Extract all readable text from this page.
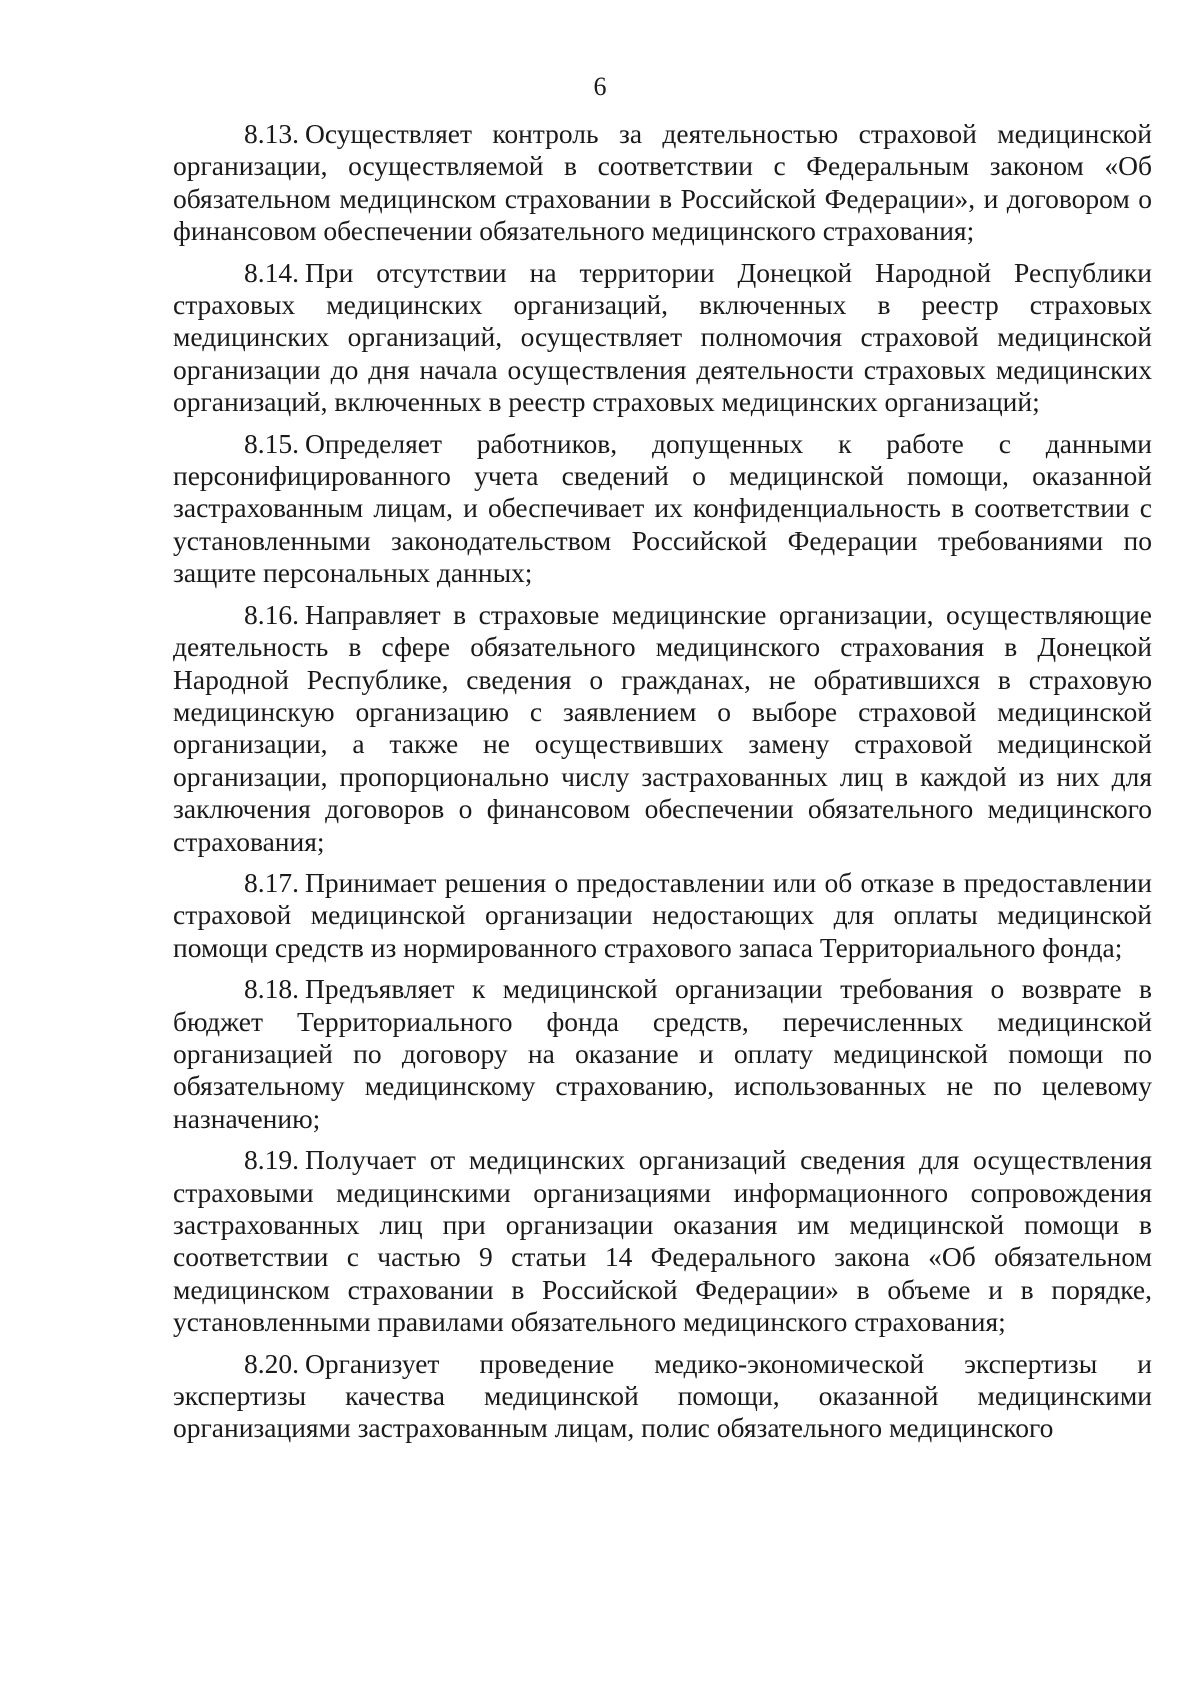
6

8.13. Осуществляет контроль за деятельностью страховой медицинской организации, осуществляемой в соответствии с Федеральным законом «Об обязательном медицинском страховании в Российской Федерации», и договором о финансовом обеспечении обязательного медицинского страхования;

8.14. При отсутствии на территории Донецкой Народной Республики страховых медицинских организаций, включенных в реестр страховых медицинских организаций, осуществляет полномочия страховой медицинской организации до дня начала осуществления деятельности страховых медицинских организаций, включенных в реестр страховых медицинских организаций;

8.15. Определяет работников, допущенных к работе с данными персонифицированного учета сведений о медицинской помощи, оказанной застрахованным лицам, и обеспечивает их конфиденциальность в соответствии с установленными законодательством Российской Федерации требованиями по защите персональных данных;

8.16. Направляет в страховые медицинские организации, осуществляющие деятельность в сфере обязательного медицинского страхования в Донецкой Народной Республике, сведения о гражданах, не обратившихся в страховую медицинскую организацию с заявлением о выборе страховой медицинской организации, а также не осуществивших замену страховой медицинской организации, пропорционально числу застрахованных лиц в каждой из них для заключения договоров о финансовом обеспечении обязательного медицинского страхования;

8.17. Принимает решения о предоставлении или об отказе в предоставлении страховой медицинской организации недостающих для оплаты медицинской помощи средств из нормированного страхового запаса Территориального фонда;

8.18. Предъявляет к медицинской организации требования о возврате в бюджет Территориального фонда средств, перечисленных медицинской организацией по договору на оказание и оплату медицинской помощи по обязательному медицинскому страхованию, использованных не по целевому назначению;

8.19. Получает от медицинских организаций сведения для осуществления страховыми медицинскими организациями информационного сопровождения застрахованных лиц при организации оказания им медицинской помощи в соответствии с частью 9 статьи 14 Федерального закона «Об обязательном медицинском страховании в Российской Федерации» в объеме и в порядке, установленными правилами обязательного медицинского страхования;

8.20. Организует проведение медико-экономической экспертизы и экспертизы качества медицинской помощи, оказанной медицинскими организациями застрахованным лицам, полис обязательного медицинского
